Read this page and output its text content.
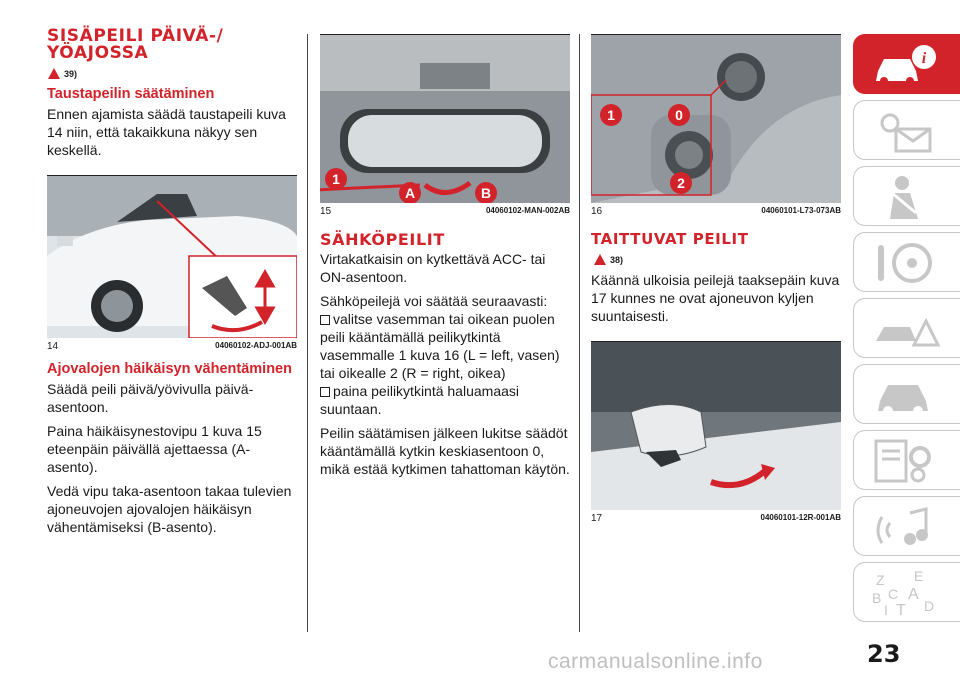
SISÄPEILI PÄIVÄ-/
YÖAJOSSA
39)
Taustapeilin säätäminen

Ennen ajamista säädä taustapeili kuva 14 niin, että takaikkuna näkyy sen keskellä.

14	04060102-ADJ-001AB
Ajovalojen häikäisyn vähentäminen

Säädä peili päivä/yövivulla päivä-asentoon.

Paina häikäisynestovipu 1 kuva 15 eteenpäin päivällä ajettaessa (A-asento).

Vedä vipu taka-asentoon takaa tulevien ajoneuvojen ajovalojen häikäisyn vähentämiseksi (B-asento).

1
A	B
15	04060102-MAN-002AB
SÄHKÖPEILIT

Virtakatkaisin on kytkettävä ACC- tai ON-asentoon.

Sähköpeilejä voi säätää seuraavasti:

valitse vasemman tai oikean puolen peili kääntämällä peilikytkintä vasemmalle 1 kuva 16 (L = left, vasen) tai oikealle 2 (R = right, oikea)

paina peilikytkintä haluamaasi suuntaan.

Peilin säätämisen jälkeen lukitse säädöt kääntämällä kytkin keskiasentoon 0, mikä estää kytkimen tahattoman käytön.

1	0
2
16	04060101-L73-073AB
TAITTUVAT PEILIT
38)

Käännä ulkoisia peilejä taaksepäin kuva 17 kunnes ne ovat ajoneuvon kyljen suuntaisesti.

17	04060101-12R-001AB
i
Z E
B A
C
T D
I
23
carmanualsonline.info
